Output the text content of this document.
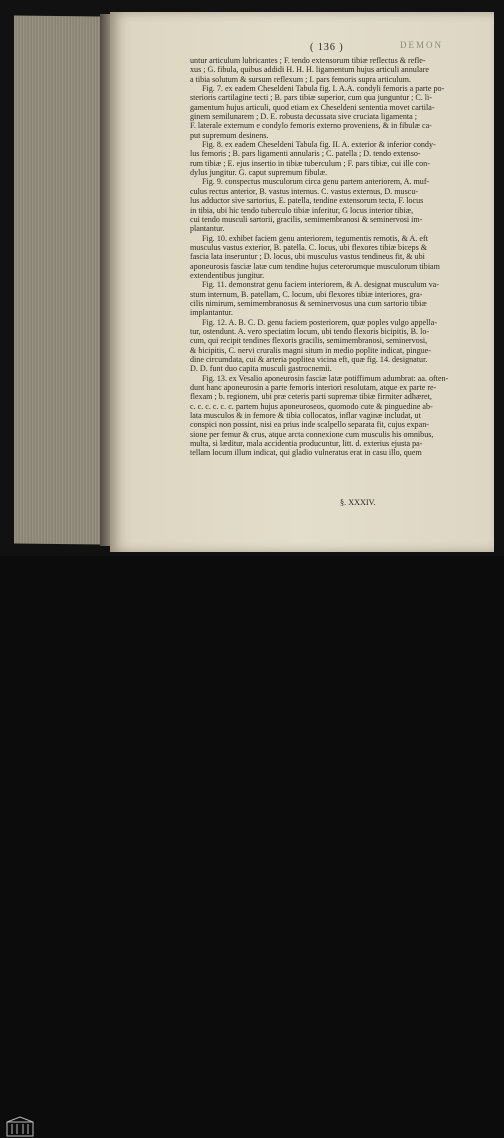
( 136 )	DEMON
untur articulum lubricantes ; F. tendo extensorum tibiæ reflectus & refle-
xus ; G. fibula, quibus addidi H. H. H. ligamentum hujus articuli annulare
a tibia solutum & sursum reflexum ; I. pars femoris supra articulum.
Fig. 7. ex eadem Cheseldeni Tabula fig. I. A.A. condyli femoris a parte po-
sterioris cartilagine tecti ; B. pars tibiæ superior, cum qua junguntur ; C. li-
gamentum hujus articuli, quod etiam ex Cheseldeni sententia movet cartila-
ginem semilunarem ; D. E. robusta decussata sive cruciata ligamenta ;
F. laterale externum e condylo femoris externo proveniens, & in fibulæ ca-
put supremum desinens.
Fig. 8. ex eadem Cheseldeni Tabula fig. II. A. exterior & inferior condy-
lus femoris ; B. pars ligamenti annularis ; C. patella ; D. tendo extenso-
rum tibiæ ; E. ejus insertio in tibiæ tuberculum ; F. pars tibiæ, cui ille con-
dylus jungitur. G. caput supremum fibulæ.
Fig. 9. conspectus musculorum circa genu partem anteriorem, A. muf-
culus rectus anterior, B. vastus internus. C. vastus externus, D. muscu-
lus adductor sive sartorius, E. patella, tendine extensorum tecta, F. locus
in tibia, ubi hic tendo tuberculo tibiæ inferitur, G locus interior tibiæ,
cui tendo musculi sartorii, gracilis, semimembranosi & seminervosi im-
plantantur.
Fig. 10. exhibet faciem genu anteriorem, tegumentis remotis, & A. eft
musculus vastus exterior, B. patella. C. locus, ubi flexores tibiæ biceps &
fascia lata inseruntur ; D. locus, ubi musculus vastus tendineus fit, & ubi
aponeurosis fasciæ latæ cum tendine hujus ceterorumque musculorum tibiam
extendentibus jungitur.
Fig. 11. demonstrat genu faciem interiorem, & A. designat musculum va-
stum internum, B. patellam, C. locum, ubi flexores tibiæ interiores, gra-
cilis nimirum, semimembranosus & seminervosus una cum sartorio tibiæ
implantantur.
Fig. 12. A. B. C. D. genu faciem posteriorem, quæ poples vulgo appella-
tur, ostendunt. A. vero speciatim locum, ubi tendo flexoris bicipitis, B. lo-
cum, qui recipit tendines flexoris gracilis, semimembranosi, seminervosi,
& bicipitis, C. nervi cruralis magni situm in medio poplite indicat, pingue-
dine circumdata, cui & arteria poplitea vicina eft, quæ fig. 14. designatur.
D. D. funt duo capita musculi gastrocnemii.
Fig. 13. ex Vesalio aponeurosin fasciæ latæ potiffimum adumbrat: aa. often-
dunt hanc aponeurosin a parte femoris interiori resolutam, atque ex parte re-
flexam ; b. regionem, ubi præ ceteris parti supremæ tibiæ firmiter adhæret,
c. c. c. c. c. c. partem hujus aponeuroseos, quomodo cute & pinguedine ab-
lata musculos & in femore & tibia collocatos, inflar vaginæ includat, ut
conspici non possint, nisi ea prius inde scalpello separata fit, cujus expan-
sione per femur & crus, atque arcta connexione cum musculis his omnibus,
multa, si læditur, mala accidentia producuntur, litt. d. exterius ejusta pa-
tellam locum illum indicat, qui gladio vulneratus erat in casu illo, quem
§. XXXIV.
